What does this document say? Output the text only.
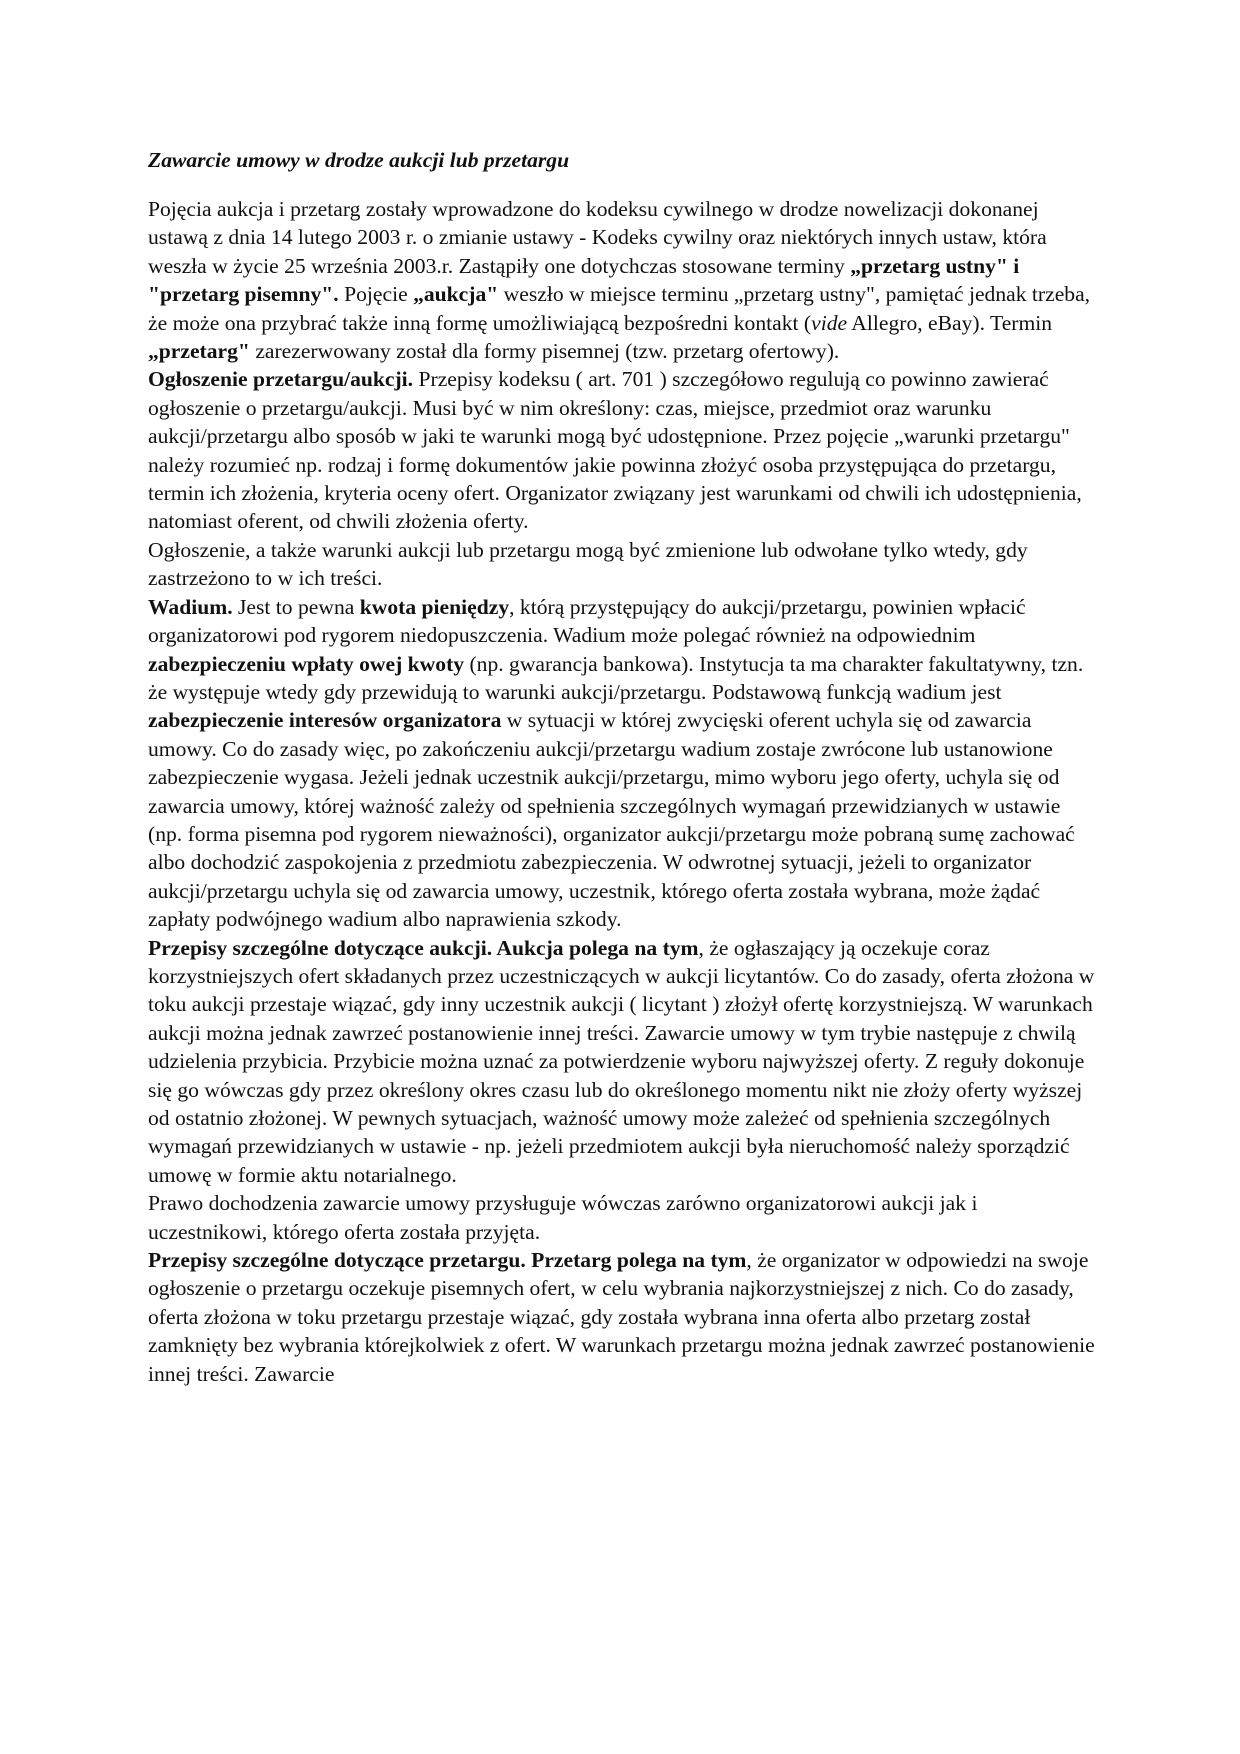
Zawarcie umowy w drodze aukcji lub przetargu

Pojęcia aukcja i przetarg zostały wprowadzone do kodeksu cywilnego w drodze nowelizacji dokonanej ustawą z dnia 14 lutego 2003 r. o zmianie ustawy - Kodeks cywilny oraz niektórych innych ustaw, która weszła w życie 25 września 2003.r. Zastąpiły one dotychczas stosowane terminy „przetarg ustny" i "przetarg pisemny". Pojęcie „aukcja" weszło w miejsce terminu „przetarg ustny", pamiętać jednak trzeba, że może ona przybrać także inną formę umożliwiającą bezpośredni kontakt (vide Allegro, eBay). Termin „przetarg" zarezerwowany został dla formy pisemnej (tzw. przetarg ofertowy).

Ogłoszenie przetargu/aukcji. Przepisy kodeksu ( art. 701 ) szczegółowo regulują co powinno zawierać ogłoszenie o przetargu/aukcji. Musi być w nim określony: czas, miejsce, przedmiot oraz warunku aukcji/przetargu albo sposób w jaki te warunki mogą być udostępnione. Przez pojęcie „warunki przetargu" należy rozumieć np. rodzaj i formę dokumentów jakie powinna złożyć osoba przystępująca do przetargu, termin ich złożenia, kryteria oceny ofert. Organizator związany jest warunkami od chwili ich udostępnienia, natomiast oferent, od chwili złożenia oferty.

Ogłoszenie, a także warunki aukcji lub przetargu mogą być zmienione lub odwołane tylko wtedy, gdy zastrzeżono to w ich treści.

Wadium. Jest to pewna kwota pieniędzy, którą przystępujący do aukcji/przetargu, powinien wpłacić organizatorowi pod rygorem niedopuszczenia. Wadium może polegać również na odpowiednim zabezpieczeniu wpłaty owej kwoty (np. gwarancja bankowa). Instytucja ta ma charakter fakultatywny, tzn. że występuje wtedy gdy przewidują to warunki aukcji/przetargu. Podstawową funkcją wadium jest zabezpieczenie interesów organizatora w sytuacji w której zwycięski oferent uchyla się od zawarcia umowy. Co do zasady więc, po zakończeniu aukcji/przetargu wadium zostaje zwrócone lub ustanowione zabezpieczenie wygasa. Jeżeli jednak uczestnik aukcji/przetargu, mimo wyboru jego oferty, uchyla się od zawarcia umowy, której ważność zależy od spełnienia szczególnych wymagań przewidzianych w ustawie (np. forma pisemna pod rygorem nieważności), organizator aukcji/przetargu może pobraną sumę zachować albo dochodzić zaspokojenia z przedmiotu zabezpieczenia. W odwrotnej sytuacji, jeżeli to organizator aukcji/przetargu uchyla się od zawarcia umowy, uczestnik, którego oferta została wybrana, może żądać zapłaty podwójnego wadium albo naprawienia szkody.

Przepisy szczególne dotyczące aukcji. Aukcja polega na tym, że ogłaszający ją oczekuje coraz korzystniejszych ofert składanych przez uczestniczących w aukcji licytantów. Co do zasady, oferta złożona w toku aukcji przestaje wiązać, gdy inny uczestnik aukcji ( licytant ) złożył ofertę korzystniejszą. W warunkach aukcji można jednak zawrzeć postanowienie innej treści. Zawarcie umowy w tym trybie następuje z chwilą udzielenia przybicia. Przybicie można uznać za potwierdzenie wyboru najwyższej oferty. Z reguły dokonuje się go wówczas gdy przez określony okres czasu lub do określonego momentu nikt nie złoży oferty wyższej od ostatnio złożonej. W pewnych sytuacjach, ważność umowy może zależeć od spełnienia szczególnych wymagań przewidzianych w ustawie - np. jeżeli przedmiotem aukcji była nieruchomość należy sporządzić umowę w formie aktu notarialnego.

Prawo dochodzenia zawarcie umowy przysługuje wówczas zarówno organizatorowi aukcji jak i uczestnikowi, którego oferta została przyjęta.

Przepisy szczególne dotyczące przetargu. Przetarg polega na tym, że organizator w odpowiedzi na swoje ogłoszenie o przetargu oczekuje pisemnych ofert, w celu wybrania najkorzystniejszej z nich. Co do zasady, oferta złożona w toku przetargu przestaje wiązać, gdy została wybrana inna oferta albo przetarg został zamknięty bez wybrania którejkolwiek z ofert. W warunkach przetargu można jednak zawrzeć postanowienie innej treści. Zawarcie
